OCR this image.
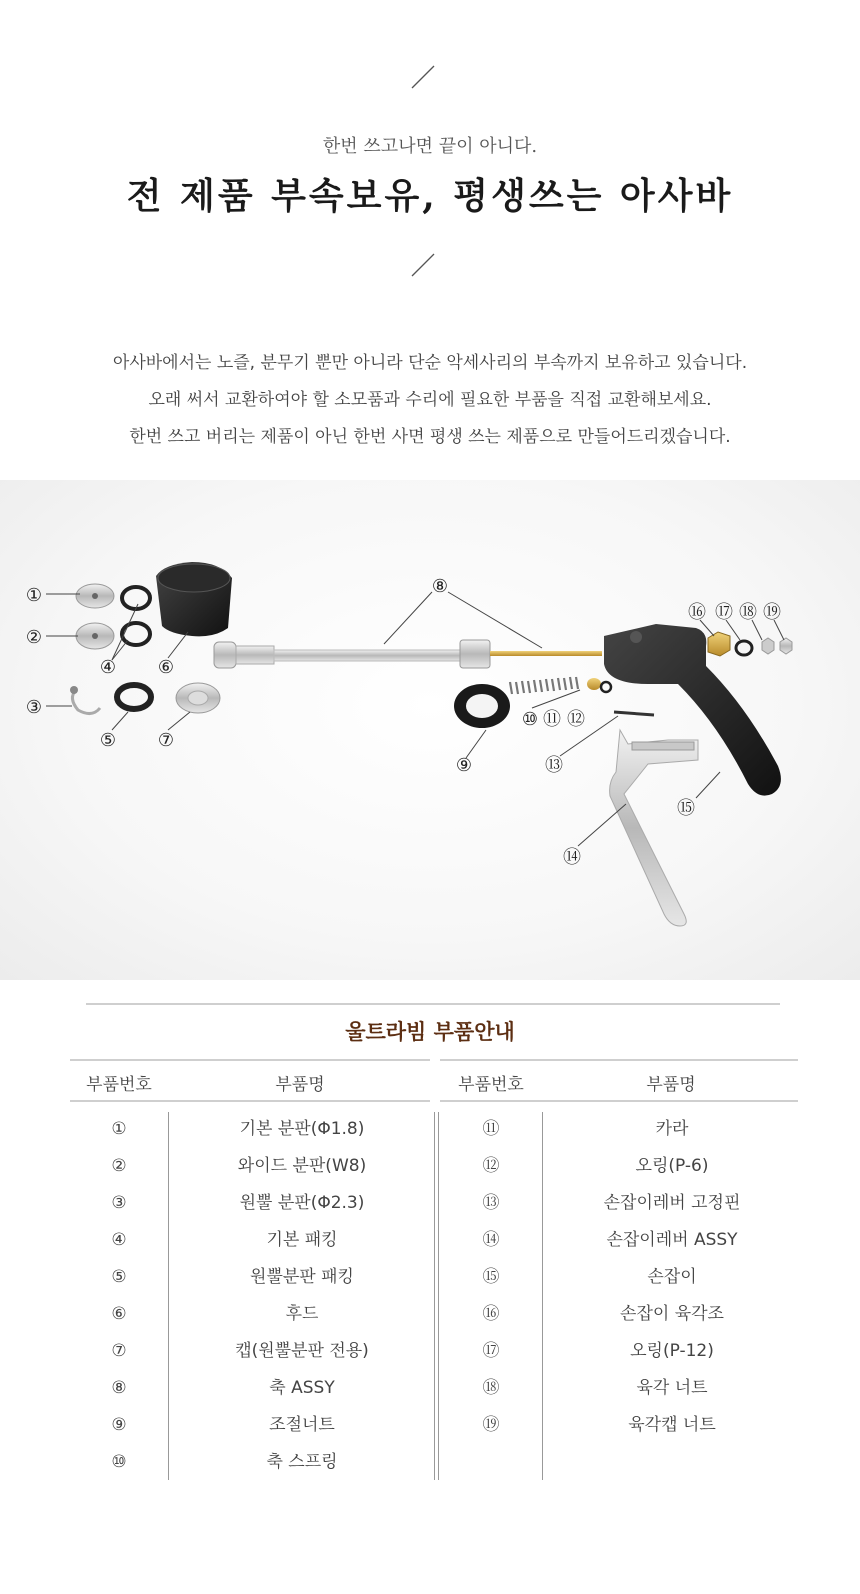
한번 쓰고나면 끝이 아니다.
전 제품 부속보유, 평생쓰는 아사바
아사바에서는 노즐, 분무기 뿐만 아니라 단순 악세사리의 부속까지 보유하고 있습니다.
오래 써서 교환하여야 할 소모품과 수리에 필요한 부품을 직접 교환해보세요.
한번 쓰고 버리는 제품이 아닌 한번 사면 평생 쓰는 제품으로 만들어드리겠습니다.
①
②
③
④
⑤
⑥
⑦
⑧
⑨
⑩ ⑪ ⑫
⑬
⑭
⑮
⑯ ⑰ ⑱ ⑲
울트라빔 부품안내
부품번호	부품명	부품번호	부품명
①	기본 분판(Φ1.8)
②	와이드 분판(W8)
③	원뿔 분판(Φ2.3)
④	기본 패킹
⑤	원뿔분판 패킹
⑥	후드
⑦	캡(원뿔분판 전용)
⑧	축 ASSY
⑨	조절너트
⑩	축 스프링
⑪	카라
⑫	오링(P-6)
⑬	손잡이레버 고정핀
⑭	손잡이레버 ASSY
⑮	손잡이
⑯	손잡이 육각조
⑰	오링(P-12)
⑱	육각 너트
⑲	육각캡 너트
